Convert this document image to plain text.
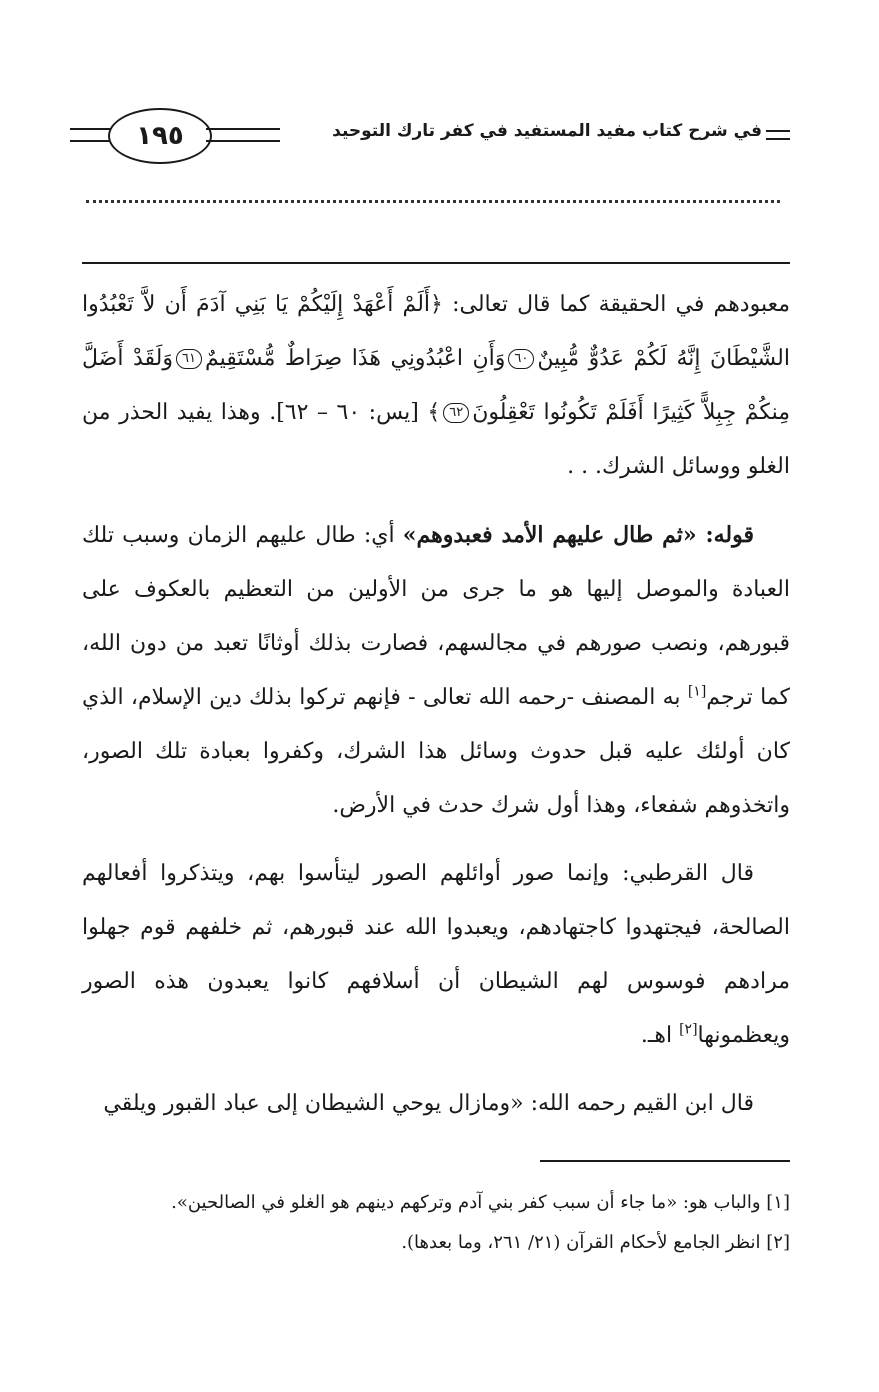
١٩٥	في شرح كتاب مفيد المستفيد في كفر تارك التوحيد

معبودهم في الحقيقة كما قال تعالى: ﴿أَلَمْ أَعْهَدْ إِلَيْكُمْ يَا بَنِي آدَمَ أَن لاَّ تَعْبُدُوا الشَّيْطَانَ إِنَّهُ لَكُمْ عَدُوٌّ مُّبِينٌ٦٠وَأَنِ اعْبُدُونِي هَذَا صِرَاطٌ مُّسْتَقِيمٌ٦١وَلَقَدْ أَضَلَّ مِنكُمْ جِبِلاًّ كَثِيرًا أَفَلَمْ تَكُونُوا تَعْقِلُونَ٦٢﴾ [يس: ٦٠ – ٦٢]. وهذا يفيد الحذر من الغلو ووسائل الشرك. . .

قوله: «ثم طال عليهم الأمد فعبدوهم» أي: طال عليهم الزمان وسبب تلك العبادة والموصل إليها هو ما جرى من الأولين من التعظيم بالعكوف على قبورهم، ونصب صورهم في مجالسهم، فصارت بذلك أوثانًا تعبد من دون الله، كما ترجم[١] به المصنف -رحمه الله تعالى - فإنهم تركوا بذلك دين الإسلام، الذي كان أولئك عليه قبل حدوث وسائل هذا الشرك، وكفروا بعبادة تلك الصور، واتخذوهم شفعاء، وهذا أول شرك حدث في الأرض.

قال القرطبي: وإنما صور أوائلهم الصور ليتأسوا بهم، ويتذكروا أفعالهم الصالحة، فيجتهدوا كاجتهادهم، ويعبدوا الله عند قبورهم، ثم خلفهم قوم جهلوا مرادهم فوسوس لهم الشيطان أن أسلافهم كانوا يعبدون هذه الصور ويعظمونها[٢] اهـ.

قال ابن القيم رحمه الله: «ومازال يوحي الشيطان إلى عباد القبور ويلقي

[١] والباب هو: «ما جاء أن سبب كفر بني آدم وتركهم دينهم هو الغلو في الصالحين».
[٢] انظر الجامع لأحكام القرآن (٢١/ ٢٦١، وما بعدها).
